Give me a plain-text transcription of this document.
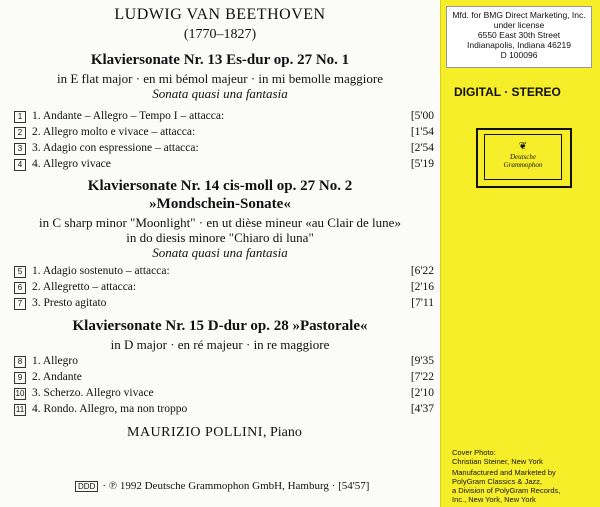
LUDWIG VAN BEETHOVEN
(1770–1827)
Klaviersonate Nr. 13 Es-dur op. 27 No. 1
in E flat major · en mi bémol majeur · in mi bemolle maggiore
Sonata quasi una fantasia
1 1. Andante – Allegro – Tempo I – attacca:	[5'00
2 2. Allegro molto e vivace – attacca:	[1'54
3 3. Adagio con espressione – attacca:	[2'54
4 4. Allegro vivace	[5'19
Klaviersonate Nr. 14 cis-moll op. 27 No. 2
»Mondschein-Sonate«
in C sharp minor "Moonlight" · en ut dièse mineur «au Clair de lune»
in do diesis minore "Chiaro di luna"
Sonata quasi una fantasia
5 1. Adagio sostenuto – attacca:	[6'22
6 2. Allegretto – attacca:	[2'16
7 3. Presto agitato	[7'11
Klaviersonate Nr. 15 D-dur op. 28 »Pastorale«
in D major · en ré majeur · in re maggiore
8 1. Allegro	[9'35
9 2. Andante	[7'22
10 3. Scherzo. Allegro vivace	[2'10
11 4. Rondo. Allegro, ma non troppo	[4'37
MAURIZIO POLLINI, Piano
DDD · ℗ 1992 Deutsche Grammophon GmbH, Hamburg · [54'57]
Mfd. for BMG Direct Marketing, Inc.
under license
6550 East 30th Street
Indianapolis, Indiana 46219
D 100096
DIGITAL · STEREO
❦
Deutsche
Grammophon
Cover Photo:
Christian Steiner, New York
Manufactured and Marketed by
PolyGram Classics & Jazz,
a Division of PolyGram Records,
Inc., New York, New York
